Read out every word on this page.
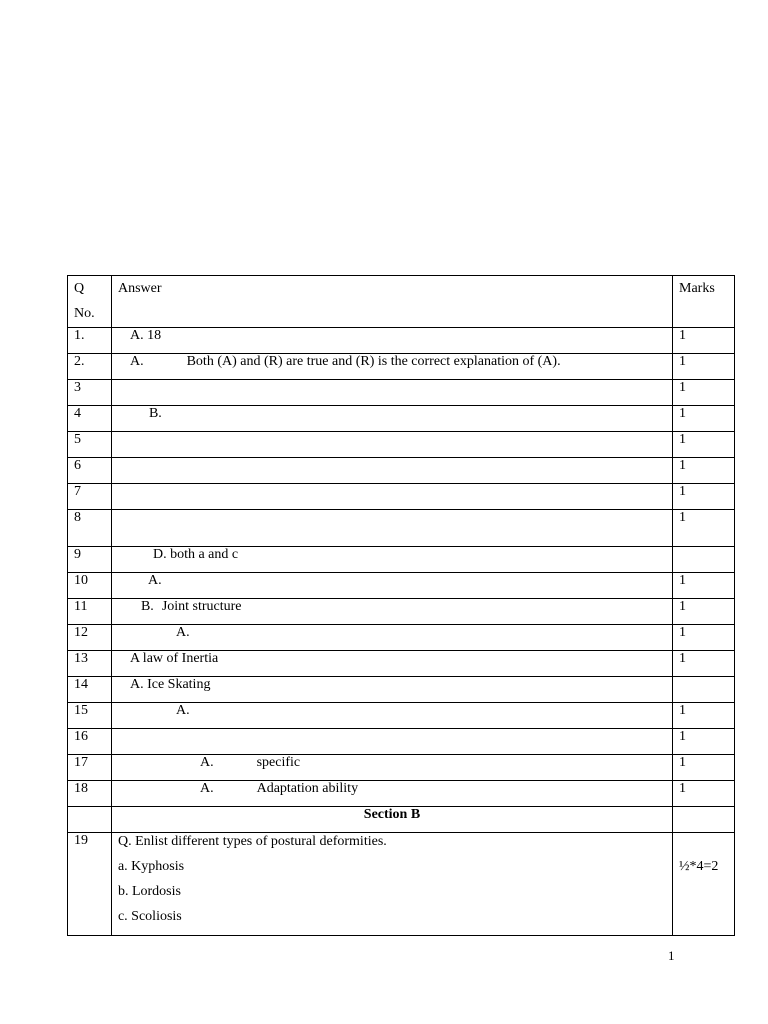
Q
No.	Answer	Marks

1.	A. 18	1
2.	A. Both (A) and (R) are true and (R) is the correct explanation of (A).	1
3		1
4	B.	1
5		1
6		1
7		1
8		1
9	D. both a and c	
10	A.	1
11	B. Joint structure	1
12	A.	1
13	A law of Inertia	1
14	A. Ice Skating	
15	A.	1
16		1
17	A. specific	1
18	A. Adaptation ability	1
	Section B	
19	Q. Enlist different types of postural deformities.
a. Kyphosis
b. Lordosis
c. Scoliosis	½*4=2
1
